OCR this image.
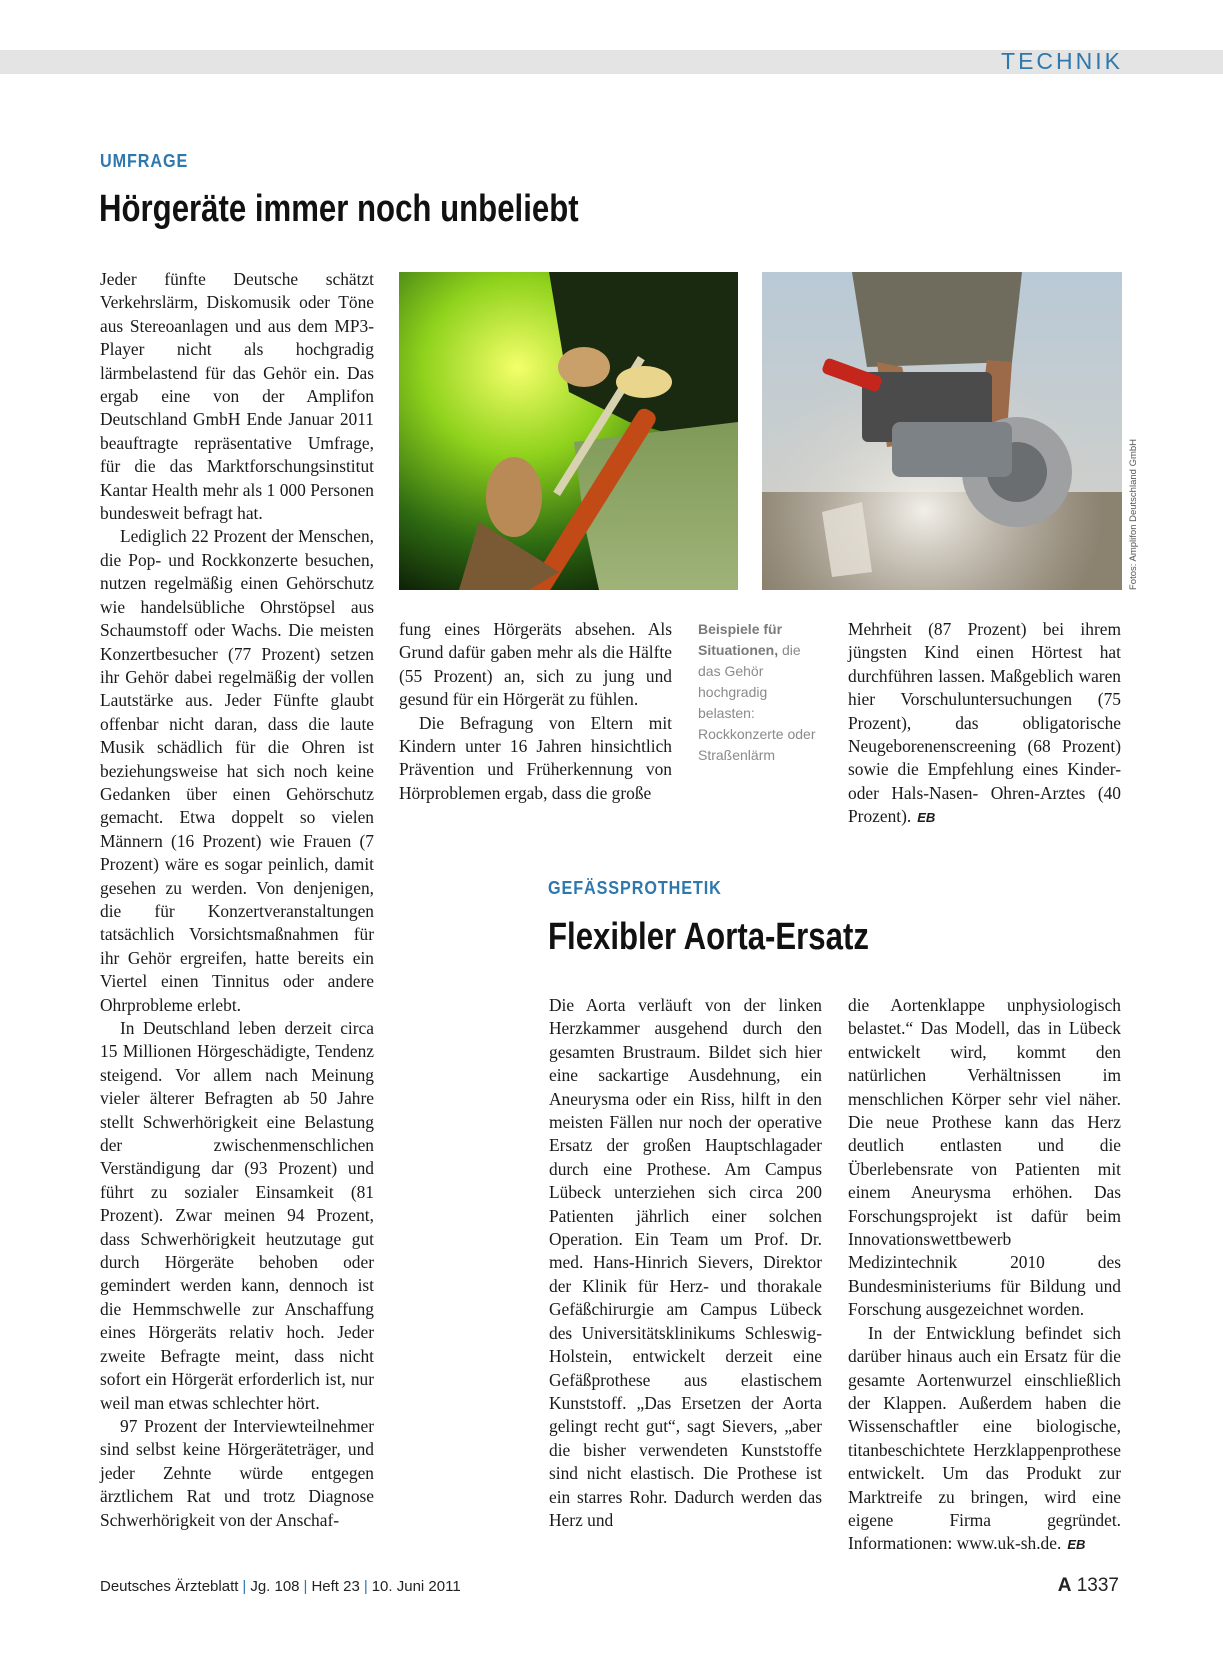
TECHNIK
UMFRAGE
Hörgeräte immer noch unbeliebt

Jeder fünfte Deutsche schätzt Verkehrslärm, Diskomusik oder Töne aus Stereoanlagen und aus dem MP3-Player nicht als hochgradig lärmbelastend für das Gehör ein. Das ergab eine von der Amplifon Deutschland GmbH Ende Januar 2011 beauftragte repräsentative Umfrage, für die das Marktforschungsinstitut Kantar Health mehr als 1 000 Personen bundesweit befragt hat.

Lediglich 22 Prozent der Menschen, die Pop- und Rockkonzerte besuchen, nutzen regelmäßig einen Gehörschutz wie handelsübliche Ohrstöpsel aus Schaumstoff oder Wachs. Die meisten Konzertbesucher (77 Prozent) setzen ihr Gehör dabei regelmäßig der vollen Lautstärke aus. Jeder Fünfte glaubt offenbar nicht daran, dass die laute Musik schädlich für die Ohren ist beziehungsweise hat sich noch keine Gedanken über einen Gehörschutz gemacht. Etwa doppelt so vielen Männern (16 Prozent) wie Frauen (7 Prozent) wäre es sogar peinlich, damit gesehen zu werden. Von denjenigen, die für Konzertveranstaltungen tatsächlich Vorsichtsmaßnahmen für ihr Gehör ergreifen, hatte bereits ein Viertel einen Tinnitus oder andere Ohrprobleme erlebt.

In Deutschland leben derzeit circa 15 Millionen Hörgeschädigte, Tendenz steigend. Vor allem nach Meinung vieler älterer Befragten ab 50 Jahre stellt Schwerhörigkeit eine Belastung der zwischenmenschlichen Verständigung dar (93 Prozent) und führt zu sozialer Einsamkeit (81 Prozent). Zwar meinen 94 Prozent, dass Schwerhörigkeit heutzutage gut durch Hörgeräte behoben oder gemindert werden kann, dennoch ist die Hemmschwelle zur Anschaffung eines Hörgeräts relativ hoch. Jeder zweite Befragte meint, dass nicht sofort ein Hörgerät erforderlich ist, nur weil man etwas schlechter hört.

97 Prozent der Interviewteilnehmer sind selbst keine Hörgeräteträger, und jeder Zehnte würde entgegen ärztlichem Rat und trotz Diagnose Schwerhörigkeit von der Anschaf-

Fotos: Amplifon Deutschland GmbH

fung eines Hörgeräts absehen. Als Grund dafür gaben mehr als die Hälfte (55 Prozent) an, sich zu jung und gesund für ein Hörgerät zu fühlen.

Die Befragung von Eltern mit Kindern unter 16 Jahren hinsichtlich Prävention und Früherkennung von Hörproblemen ergab, dass die große

Beispiele für Situationen, die das Gehör hochgradig belasten: Rockkonzerte oder Straßenlärm

Mehrheit (87 Prozent) bei ihrem jüngsten Kind einen Hörtest hat durchführen lassen. Maßgeblich waren hier Vorschuluntersuchungen (75 Prozent), das obligatorische Neugeborenenscreening (68 Prozent) sowie die Empfehlung eines Kinder- oder Hals-Nasen- Ohren-Arztes (40 Prozent). EB

GEFÄSSPROTHETIK
Flexibler Aorta-Ersatz

Die Aorta verläuft von der linken Herzkammer ausgehend durch den gesamten Brustraum. Bildet sich hier eine sackartige Ausdehnung, ein Aneurysma oder ein Riss, hilft in den meisten Fällen nur noch der operative Ersatz der großen Hauptschlagader durch eine Prothese. Am Campus Lübeck unterziehen sich circa 200 Patienten jährlich einer solchen Operation. Ein Team um Prof. Dr. med. Hans-Hinrich Sievers, Direktor der Klinik für Herz- und thorakale Gefäßchirurgie am Campus Lübeck des Universitätsklinikums Schleswig-Holstein, entwickelt derzeit eine Gefäßprothese aus elastischem Kunststoff. „Das Ersetzen der Aorta gelingt recht gut“, sagt Sievers, „aber die bisher verwendeten Kunststoffe sind nicht elastisch. Die Prothese ist ein starres Rohr. Dadurch werden das Herz und

die Aortenklappe unphysiologisch belastet.“ Das Modell, das in Lübeck entwickelt wird, kommt den natürlichen Verhältnissen im menschlichen Körper sehr viel näher. Die neue Prothese kann das Herz deutlich entlasten und die Überlebensrate von Patienten mit einem Aneurysma erhöhen. Das Forschungsprojekt ist dafür beim Innovationswettbewerb Medizintechnik 2010 des Bundesministeriums für Bildung und Forschung ausgezeichnet worden.

In der Entwicklung befindet sich darüber hinaus auch ein Ersatz für die gesamte Aortenwurzel einschließlich der Klappen. Außerdem haben die Wissenschaftler eine biologische, titanbeschichtete Herzklappenprothese entwickelt. Um das Produkt zur Marktreife zu bringen, wird eine eigene Firma gegründet. Informationen: www.uk-sh.de. EB

Deutsches Ärzteblatt | Jg. 108 | Heft 23 | 10. Juni 2011	A 1337
